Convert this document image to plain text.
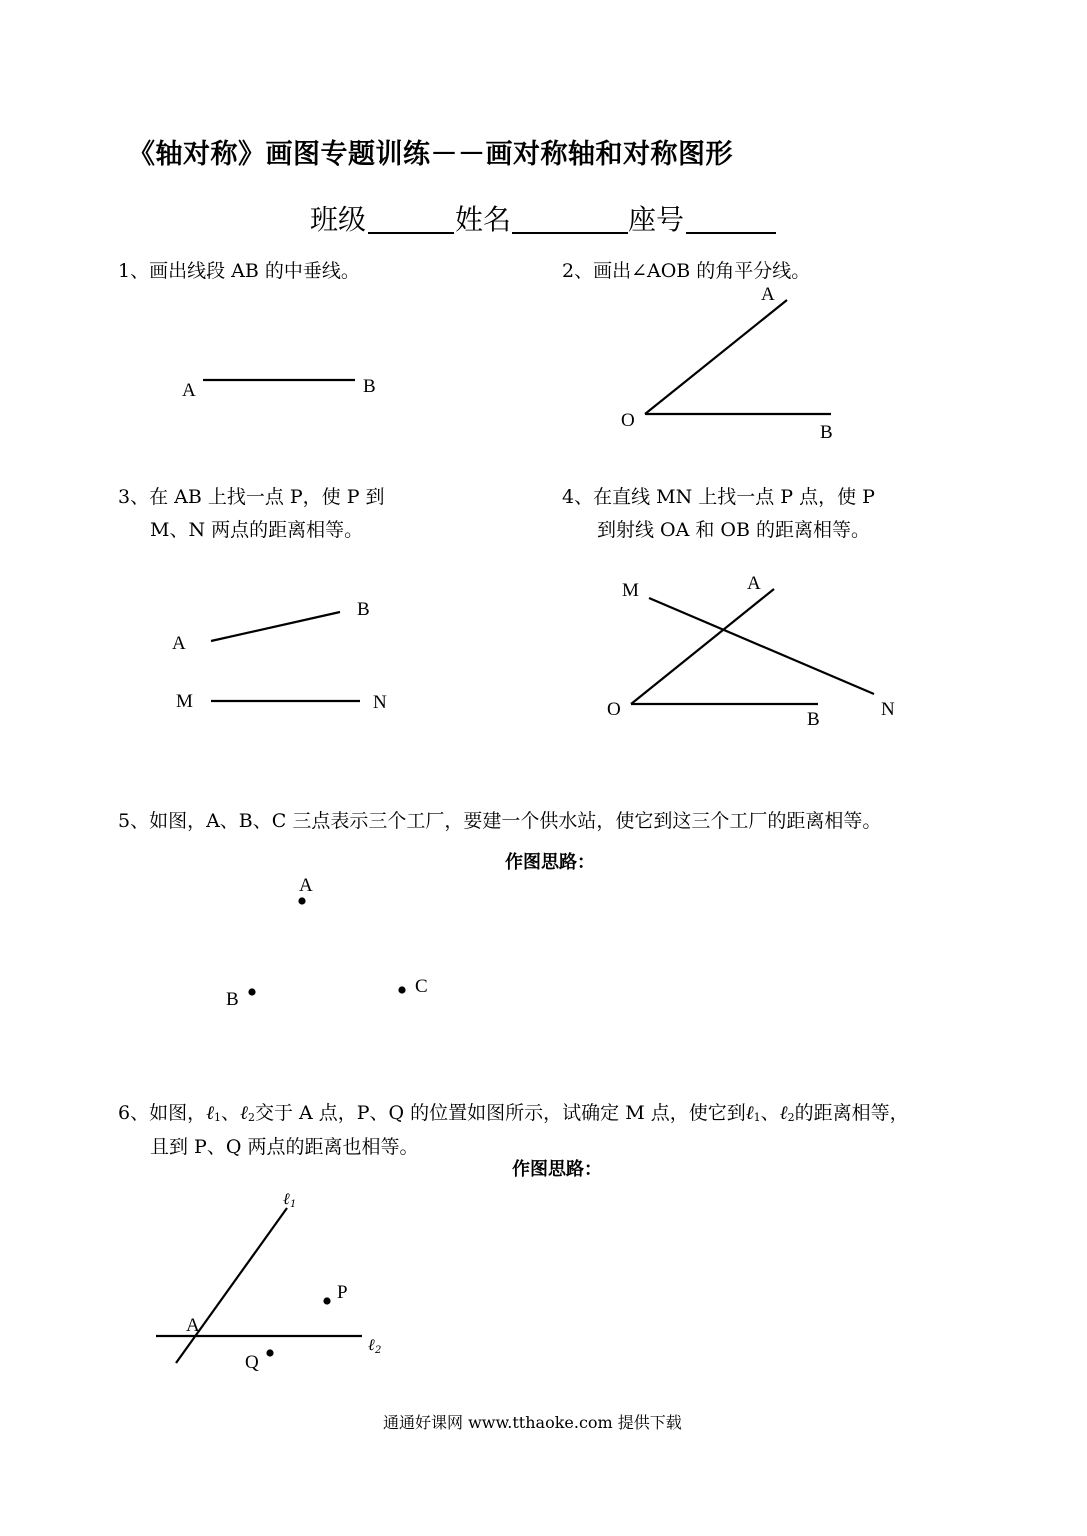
《轴对称》画图专题训练－－画对称轴和对称图形
班级	姓名	座号
1、画出线段 AB 的中垂线。	2、画出∠AOB 的角平分线。
3、在 AB 上找一点 P，使 P 到
M、N 两点的距离相等。
4、在直线 MN 上找一点 P 点，使 P
到射线 OA 和 OB 的距离相等。
5、如图，A、B、C 三点表示三个工厂，要建一个供水站，使它到这三个工厂的距离相等。
作图思路：
6、如图，ℓ1、ℓ2交于 A 点，P、Q 的位置如图所示，试确定 M 点，使它到ℓ1、ℓ2的距离相等，
且到 P、Q 两点的距离也相等。
作图思路：
A	B
A
O
B
B
A
M	N
M	A
O	B	N
A
B
C
A
P
Q
ℓ 1
ℓ 2
通通好课网 www.tthaoke.com 提供下载
